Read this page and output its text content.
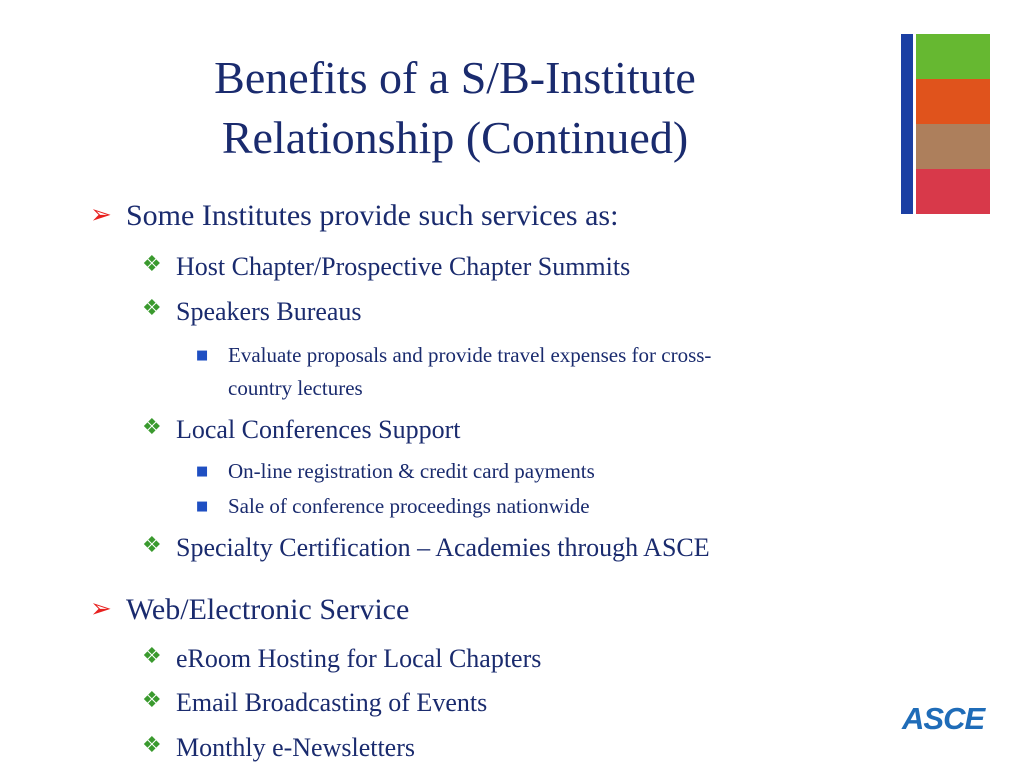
Benefits of a S/B-Institute
Relationship (Continued)
➢ Some Institutes provide such services as:
❖ Host Chapter/Prospective Chapter Summits
❖ Speakers Bureaus
■ Evaluate proposals and provide travel expenses for cross-
country lectures
❖ Local Conferences Support
■ On-line registration & credit card payments
■ Sale of conference proceedings nationwide
❖ Specialty Certification – Academies through ASCE
➢ Web/Electronic Service
❖ eRoom Hosting for Local Chapters
❖ Email Broadcasting of Events
❖ Monthly e-Newsletters
ASCE
